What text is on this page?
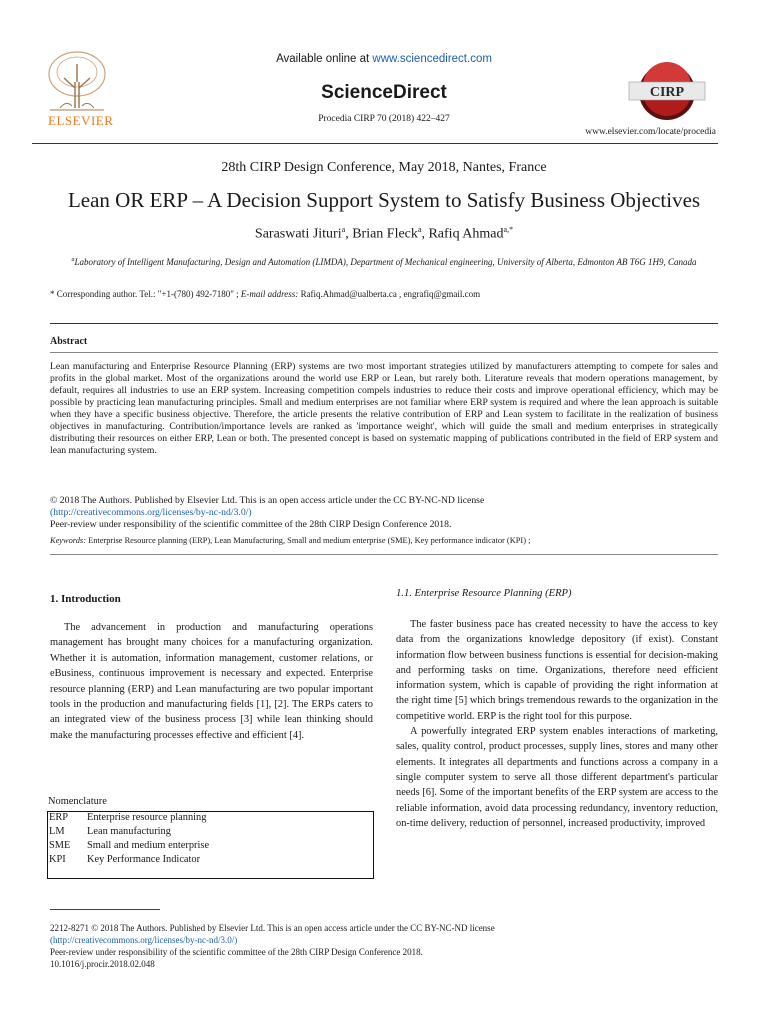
ELSEVIER
Available online at www.sciencedirect.com
ScienceDirect
Procedia CIRP 70 (2018) 422–427
CIRP
www.elsevier.com/locate/procedia
28th CIRP Design Conference, May 2018, Nantes, France
Lean OR ERP – A Decision Support System to Satisfy Business Objectives
Saraswati Jituri$^a$, Brian Fleck$^a$, Rafiq Ahmad$^{a,*}$
$^a$Laboratory of Intelligent Manufacturing, Design and Automation (LIMDA), Department of Mechanical engineering, University of Alberta, Edmonton AB T6G 1H9, Canada
* Corresponding author. Tel.: "+1-(780) 492-7180" ; E-mail address: Rafiq.Ahmad@ualberta.ca , engrafiq@gmail.com
Abstract
Lean manufacturing and Enterprise Resource Planning (ERP) systems are two most important strategies utilized by manufacturers attempting to compete for sales and profits in the global market. Most of the organizations around the world use ERP or Lean, but rarely both. Literature reveals that modern operations management, by default, requires all industries to use an ERP system. Increasing competition compels industries to reduce their costs and improve operational efficiency, which may be possible by practicing lean manufacturing principles. Small and medium enterprises are not familiar where ERP system is required and where the lean approach is suitable when they have a specific business objective. Therefore, the article presents the relative contribution of ERP and Lean system to facilitate in the realization of business objectives in manufacturing. Contribution/importance levels are ranked as 'importance weight', which will guide the small and medium enterprises in strategically distributing their resources on either ERP, Lean or both. The presented concept is based on systematic mapping of publications contributed in the field of ERP system and lean manufacturing system.
© 2018 The Authors. Published by Elsevier Ltd. This is an open access article under the CC BY-NC-ND license
(http://creativecommons.org/licenses/by-nc-nd/3.0/)
Peer-review under responsibility of the scientific committee of the 28th CIRP Design Conference 2018.
Keywords: Enterprise Resource planning (ERP), Lean Manufacturing, Small and medium enterprise (SME), Key performance indicator (KPI) ;
1. Introduction
The advancement in production and manufacturing operations management has brought many choices for a manufacturing organization. Whether it is automation, information management, customer relations, or eBusiness, continuous improvement is necessary and expected. Enterprise resource planning (ERP) and Lean manufacturing are two popular important tools in the production and manufacturing fields [1], [2]. The ERPs caters to an integrated view of the business process [3] while lean thinking should make the manufacturing processes effective and efficient [4].
Nomenclature
ERP	Enterprise resource planning
LM	Lean manufacturing
SME	Small and medium enterprise
KPI	Key Performance Indicator
1.1. Enterprise Resource Planning (ERP)

The faster business pace has created necessity to have the access to key data from the organizations knowledge depository (if exist). Constant information flow between business functions is essential for decision-making and performing tasks on time. Organizations, therefore need efficient information system, which is capable of providing the right information at the right time [5] which brings tremendous rewards to the organization in the competitive world. ERP is the right tool for this purpose.

A powerfully integrated ERP system enables interactions of marketing, sales, quality control, product processes, supply lines, stores and many other elements. It integrates all departments and functions across a company in a single computer system to serve all those different department's particular needs [6]. Some of the important benefits of the ERP system are access to the reliable information, avoid data processing redundancy, inventory reduction, on-time delivery, reduction of personnel, increased productivity, improved

2212-8271 © 2018 The Authors. Published by Elsevier Ltd. This is an open access article under the CC BY-NC-ND license
(http://creativecommons.org/licenses/by-nc-nd/3.0/)
Peer-review under responsibility of the scientific committee of the 28th CIRP Design Conference 2018.
10.1016/j.procir.2018.02.048
